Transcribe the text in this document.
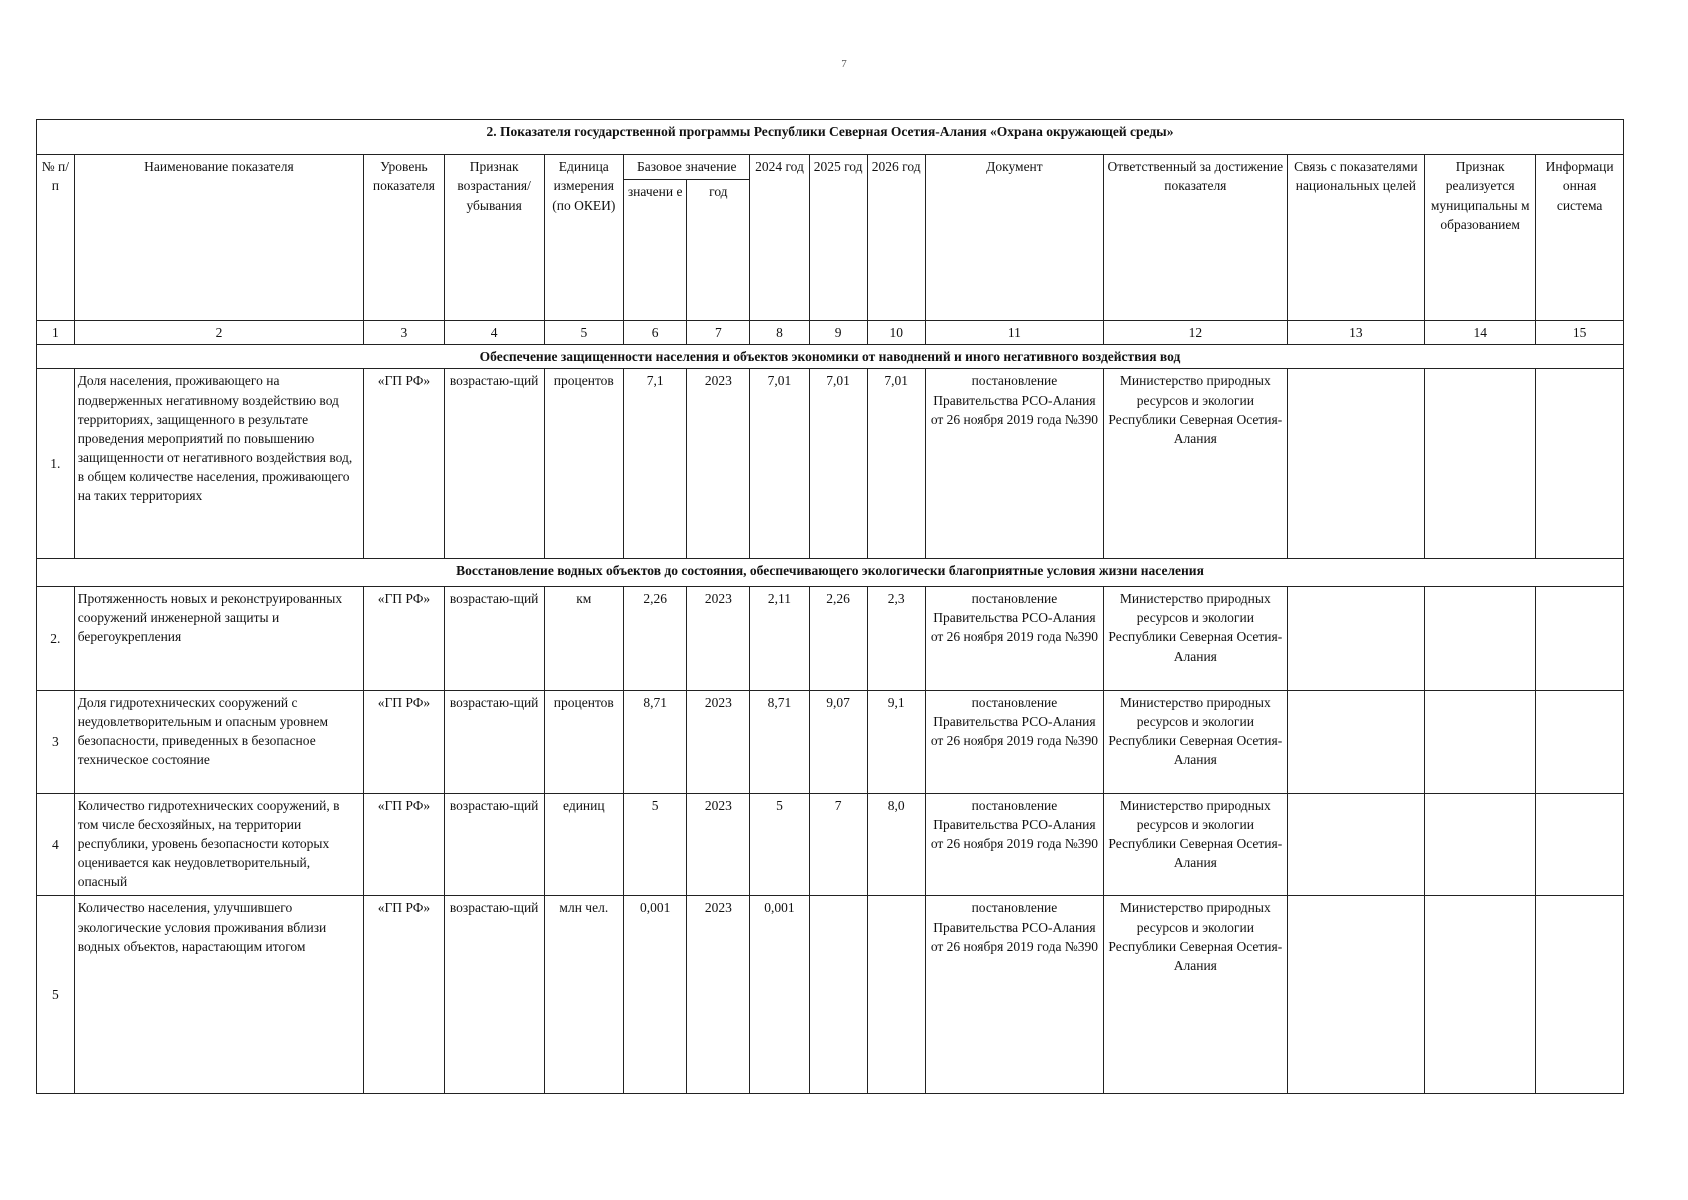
7
2. Показателя государственной программы Республики Северная Осетия-Алания «Охрана окружающей среды»														
№ п/п	Наименование показателя	Уровень показателя	Признак возрастания/ убывания	Единица измерения (по ОКЕИ)	Базовое значение		2024 год	2025 год	2026 год	Документ	Ответственный за достижение показателя	Связь с показателями национальных целей	Признак реализуется муниципальны м образованием	Информаци онная система
					значени е	год								
1	2	3	4	5	6	7	8	9	10	11	12	13	14	15
Обеспечение защищенности населения и объектов экономики от наводнений и иного негативного воздействия вод														
1.	Доля населения, проживающего на подверженных негативному воздействию вод территориях, защищенного в результате проведения мероприятий по повышению защищенности от негативного воздействия вод, в общем количестве населения, проживающего на таких территориях	«ГП РФ»	возрастаю-щий	процентов	7,1	2023	7,01	7,01	7,01	постановление Правительства РСО-Алания от 26 ноября 2019 года №390	Министерство природных ресурсов и экологии Республики Северная Осетия-Алания			
Восстановление водных объектов до состояния, обеспечивающего экологически благоприятные условия жизни населения														
2.	Протяженность новых и реконструированных сооружений инженерной защиты и берегоукрепления	«ГП РФ»	возрастаю-щий	км	2,26	2023	2,11	2,26	2,3	постановление Правительства РСО-Алания от 26 ноября 2019 года №390	Министерство природных ресурсов и экологии Республики Северная Осетия-Алания			
3	Доля гидротехнических сооружений с неудовлетворительным и опасным уровнем безопасности, приведенных в безопасное техническое состояние	«ГП РФ»	возрастаю-щий	процентов	8,71	2023	8,71	9,07	9,1	постановление Правительства РСО-Алания от 26 ноября 2019 года №390	Министерство природных ресурсов и экологии Республики Северная Осетия-Алания			
4	Количество гидротехнических сооружений, в том числе бесхозяйных, на территории республики, уровень безопасности которых оценивается как неудовлетворительный, опасный	«ГП РФ»	возрастаю-щий	единиц	5	2023	5	7	8,0	постановление Правительства РСО-Алания от 26 ноября 2019 года №390	Министерство природных ресурсов и экологии Республики Северная Осетия-Алания			
5	Количество населения, улучшившего экологические условия проживания вблизи водных объектов, нарастающим итогом	«ГП РФ»	возрастаю-щий	млн чел.	0,001	2023	0,001			постановление Правительства РСО-Алания от 26 ноября 2019 года №390	Министерство природных ресурсов и экологии Республики Северная Осетия-Алания			
